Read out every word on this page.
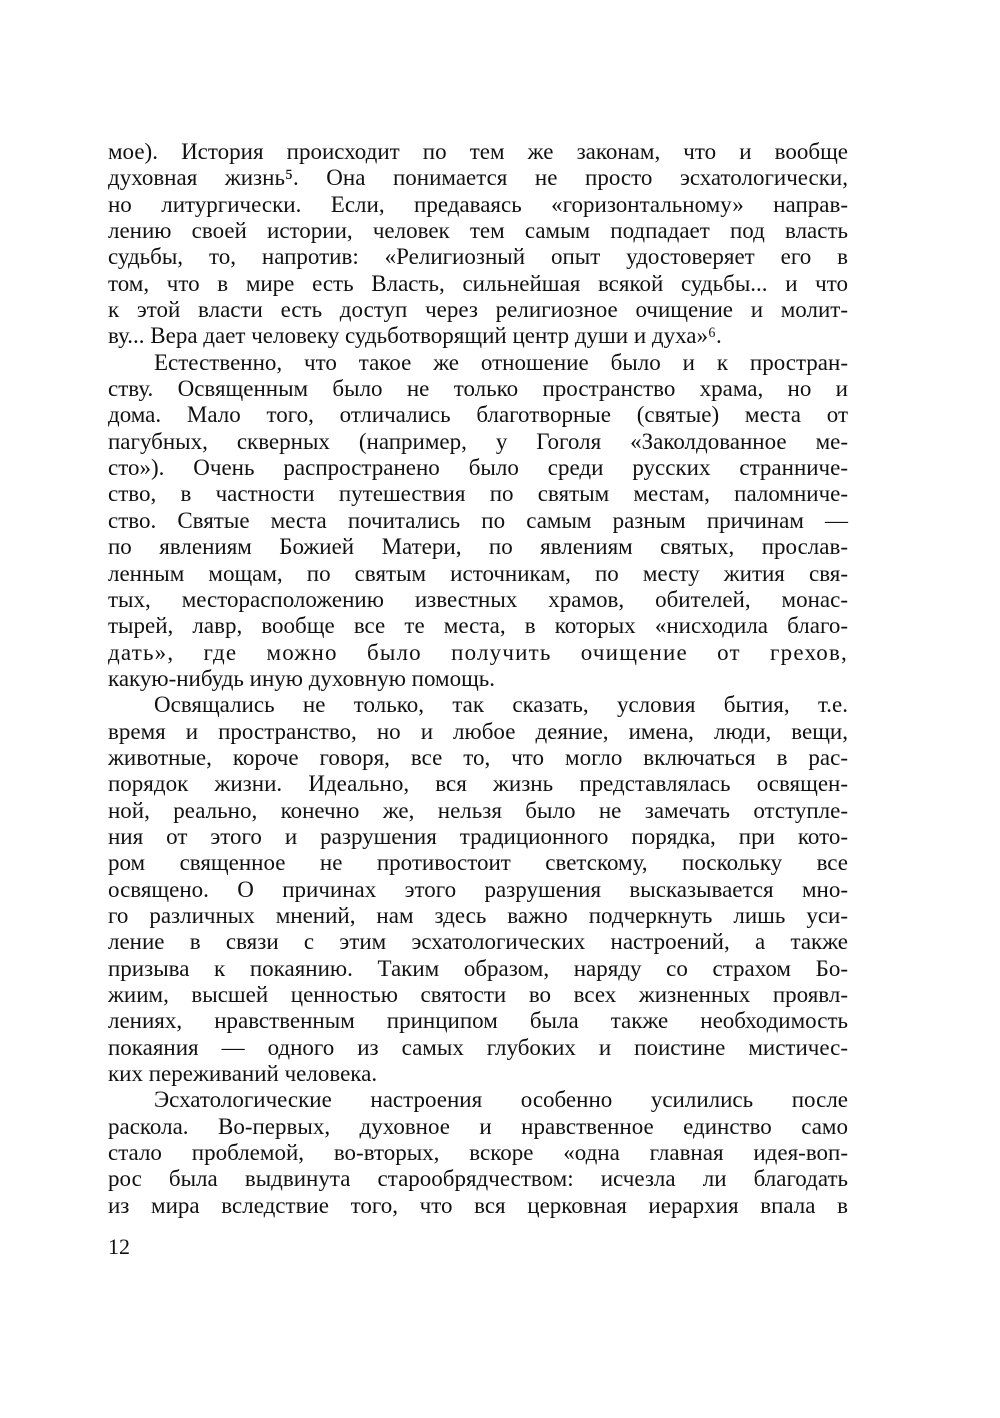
мое). История происходит по тем же законам, что и вообще
духовная жизнь⁵. Она понимается не просто эсхатологически,
но литургически. Если, предаваясь «горизонтальному» направ-
лению своей истории, человек тем самым подпадает под власть
судьбы, то, напротив: «Религиозный опыт удостоверяет его в
том, что в мире есть Власть, сильнейшая всякой судьбы... и что
к этой власти есть доступ через религиозное очищение и молит-
ву... Вера дает человеку судьботворящий центр души и духа»⁶.
Естественно, что такое же отношение было и к простран-
ству. Освященным было не только пространство храма, но и
дома. Мало того, отличались благотворные (святые) места от
пагубных, скверных (например, у Гоголя «Заколдованное ме-
сто»). Очень распространено было среди русских странниче-
ство, в частности путешествия по святым местам, паломниче-
ство. Святые места почитались по самым разным причинам —
по явлениям Божией Матери, по явлениям святых, прослав-
ленным мощам, по святым источникам, по месту жития свя-
тых, месторасположению известных храмов, обителей, монас-
тырей, лавр, вообще все те места, в которых «нисходила благо-
дать», где можно было получить очищение от грехов,
какую-нибудь иную духовную помощь.
Освящались не только, так сказать, условия бытия, т.е.
время и пространство, но и любое деяние, имена, люди, вещи,
животные, короче говоря, все то, что могло включаться в рас-
порядок жизни. Идеально, вся жизнь представлялась освящен-
ной, реально, конечно же, нельзя было не замечать отступле-
ния от этого и разрушения традиционного порядка, при кото-
ром священное не противостоит светскому, поскольку все
освящено. О причинах этого разрушения высказывается мно-
го различных мнений, нам здесь важно подчеркнуть лишь уси-
ление в связи с этим эсхатологических настроений, а также
призыва к покаянию. Таким образом, наряду со страхом Бо-
жиим, высшей ценностью святости во всех жизненных проявл-
лениях, нравственным принципом была также необходимость
покаяния — одного из самых глубоких и поистине мистичес-
ких переживаний человека.
Эсхатологические настроения особенно усилились после
раскола. Во-первых, духовное и нравственное единство само
стало проблемой, во-вторых, вскоре «одна главная идея-воп-
рос была выдвинута старообрядчеством: исчезла ли благодать
из мира вследствие того, что вся церковная иерархия впала в
12
